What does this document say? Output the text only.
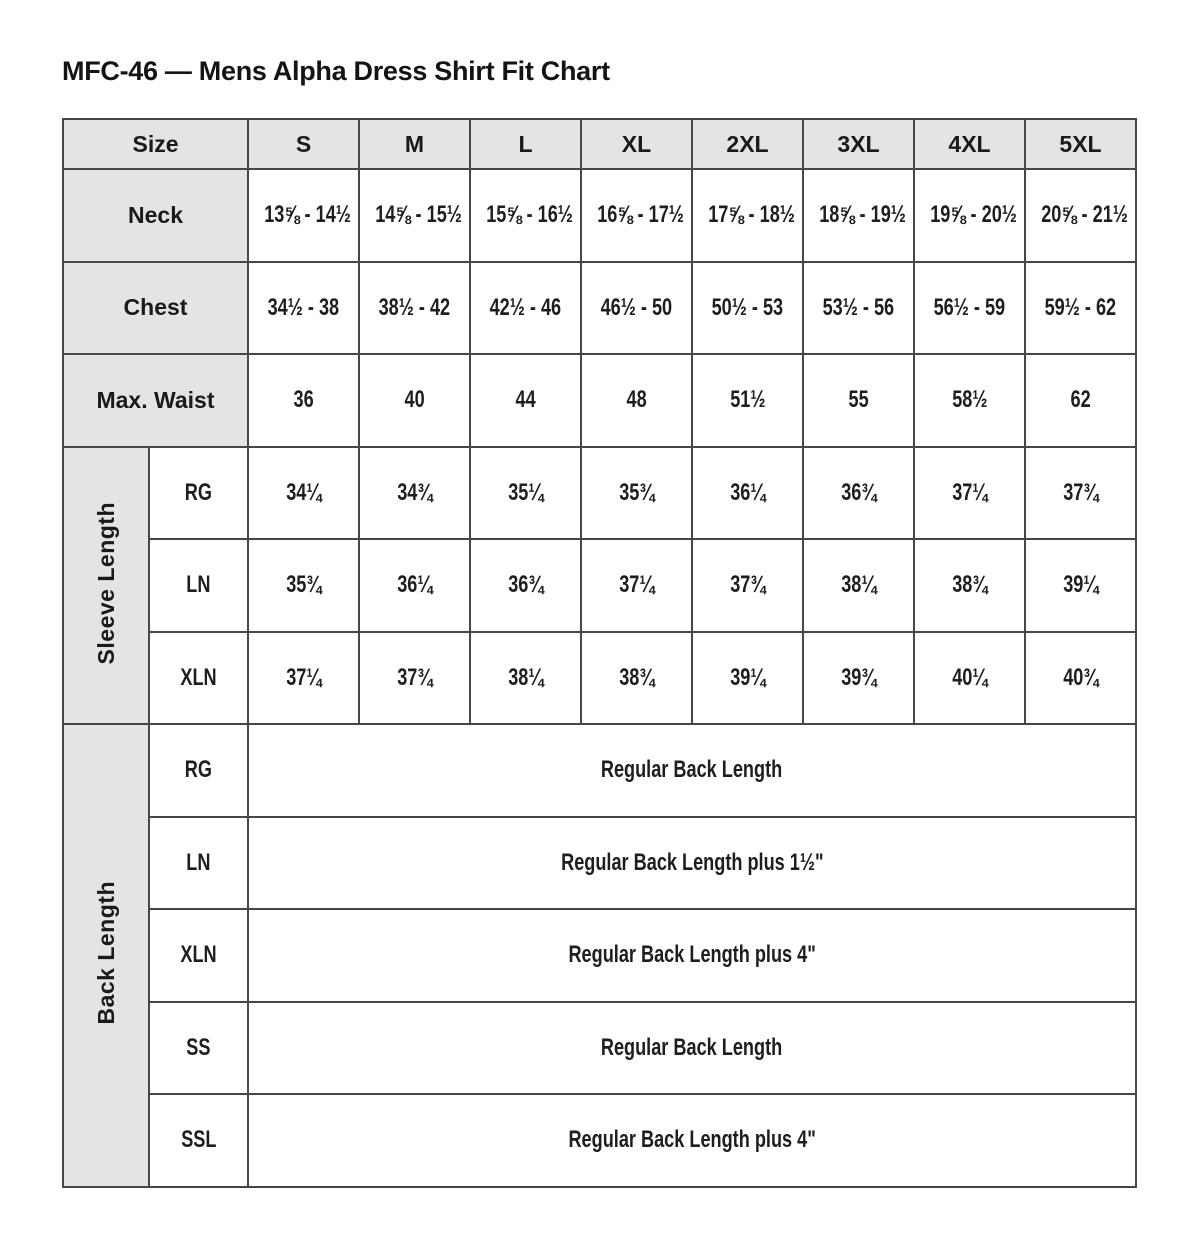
MFC-46 — Mens Alpha Dress Shirt Fit Chart
Size		S	M	L	XL	2XL	3XL	4XL	5XL
Neck		13⅝ - 14½	14⅝ - 15½	15⅝ - 16½	16⅝ - 17½	17⅝ - 18½	18⅝ - 19½	19⅝ - 20½	20⅝ - 21½
Chest		34½ - 38	38½ - 42	42½ - 46	46½ - 50	50½ - 53	53½ - 56	56½ - 59	59½ - 62
Max. Waist		36	40	44	48	51½	55	58½	62
Sleeve Length	RG	34¼	34¾	35¼	35¾	36¼	36¾	37¼	37¾
	LN	35¾	36¼	36¾	37¼	37¾	38¼	38¾	39¼
	XLN	37¼	37¾	38¼	38¾	39¼	39¾	40¼	40¾
Back Length	RG	Regular Back Length							
	LN	Regular Back Length plus 1½"							
	XLN	Regular Back Length plus 4"							
	SS	Regular Back Length							
	SSL	Regular Back Length plus 4"							
